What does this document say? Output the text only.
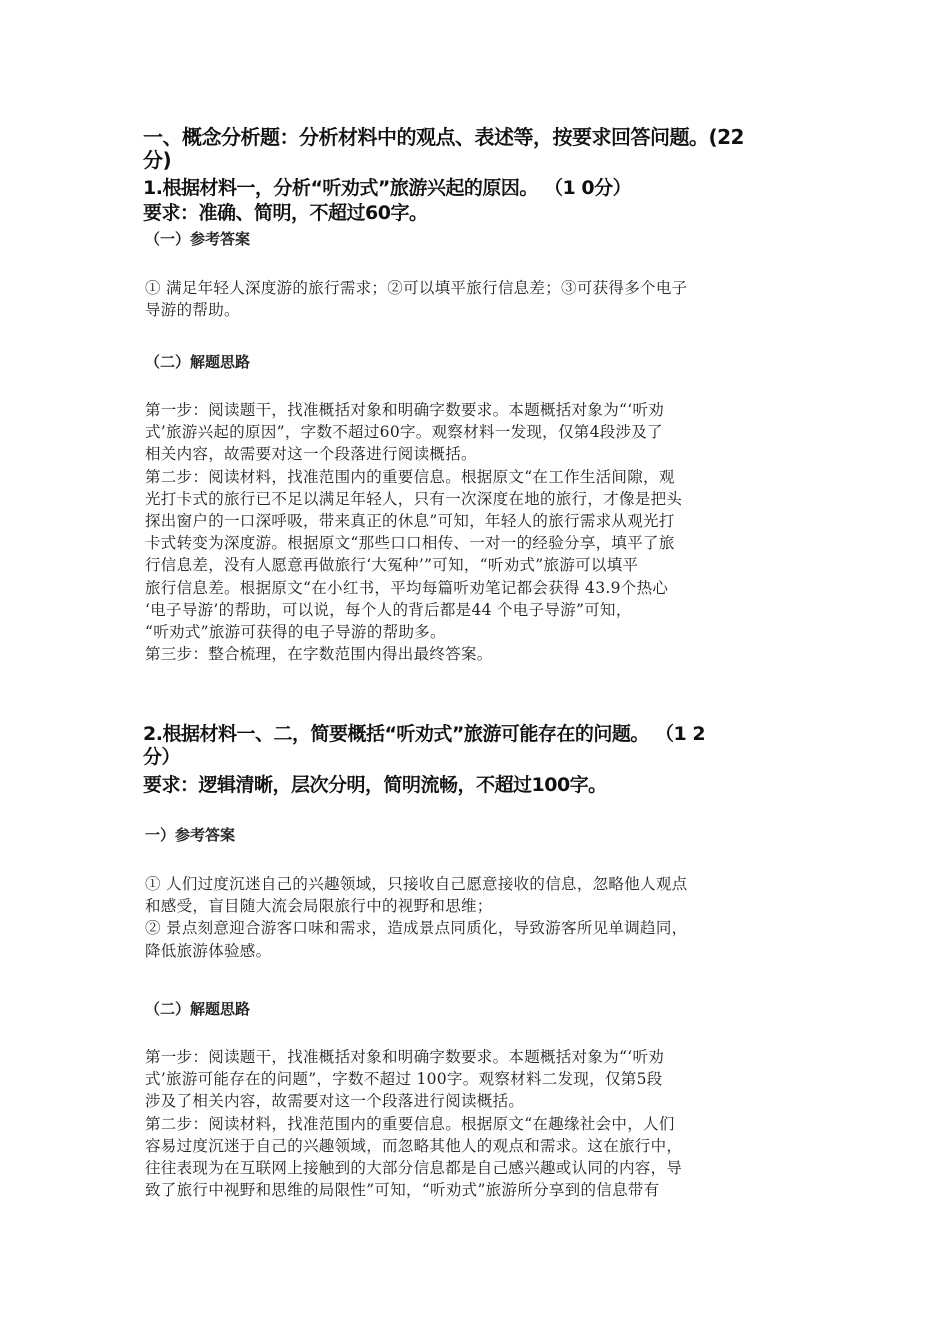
一、概念分析题：分析材料中的观点、表述等，按要求回答问题。(22
分)
1.根据材料一，分析“听劝式”旅游兴起的原因。 （1 0分）
要求：准确、简明，不超过60字。
（一）参考答案
① 满足年轻人深度游的旅行需求；②可以填平旅行信息差；③可获得多个电子
导游的帮助。
（二）解题思路
第一步：阅读题干，找准概括对象和明确字数要求。本题概括对象为“‘听劝
式’旅游兴起的原因”，字数不超过60字。观察材料一发现，仅第4段涉及了
相关内容，故需要对这一个段落进行阅读概括。
第二步：阅读材料，找准范围内的重要信息。根据原文“在工作生活间隙，观
光打卡式的旅行已不足以满足年轻人，只有一次深度在地的旅行，才像是把头
探出窗户的一口深呼吸，带来真正的休息”可知，年轻人的旅行需求从观光打
卡式转变为深度游。根据原文“那些口口相传、一对一的经验分享，填平了旅
行信息差，没有人愿意再做旅行‘大冤种’”可知，“听劝式”旅游可以填平
旅行信息差。根据原文“在小红书，平均每篇听劝笔记都会获得 43.9个热心
‘电子导游’的帮助，可以说，每个人的背后都是44 个电子导游”可知，
“听劝式”旅游可获得的电子导游的帮助多。
第三步：整合梳理，在字数范围内得出最终答案。
2.根据材料一、二，简要概括“听劝式”旅游可能存在的问题。 （1 2
分）
要求：逻辑清晰，层次分明，简明流畅，不超过100字。
一）参考答案
① 人们过度沉迷自己的兴趣领域，只接收自己愿意接收的信息，忽略他人观点
和感受，盲目随大流会局限旅行中的视野和思维；
② 景点刻意迎合游客口味和需求，造成景点同质化，导致游客所见单调趋同，
降低旅游体验感。
（二）解题思路
第一步：阅读题干，找准概括对象和明确字数要求。本题概括对象为“‘听劝
式’旅游可能存在的问题”，字数不超过 100字。观察材料二发现，仅第5段
涉及了相关内容，故需要对这一个段落进行阅读概括。
第二步：阅读材料，找准范围内的重要信息。根据原文“在趣缘社会中，人们
容易过度沉迷于自己的兴趣领域，而忽略其他人的观点和需求。这在旅行中，
往往表现为在互联网上接触到的大部分信息都是自己感兴趣或认同的内容，导
致了旅行中视野和思维的局限性”可知，“听劝式”旅游所分享到的信息带有
